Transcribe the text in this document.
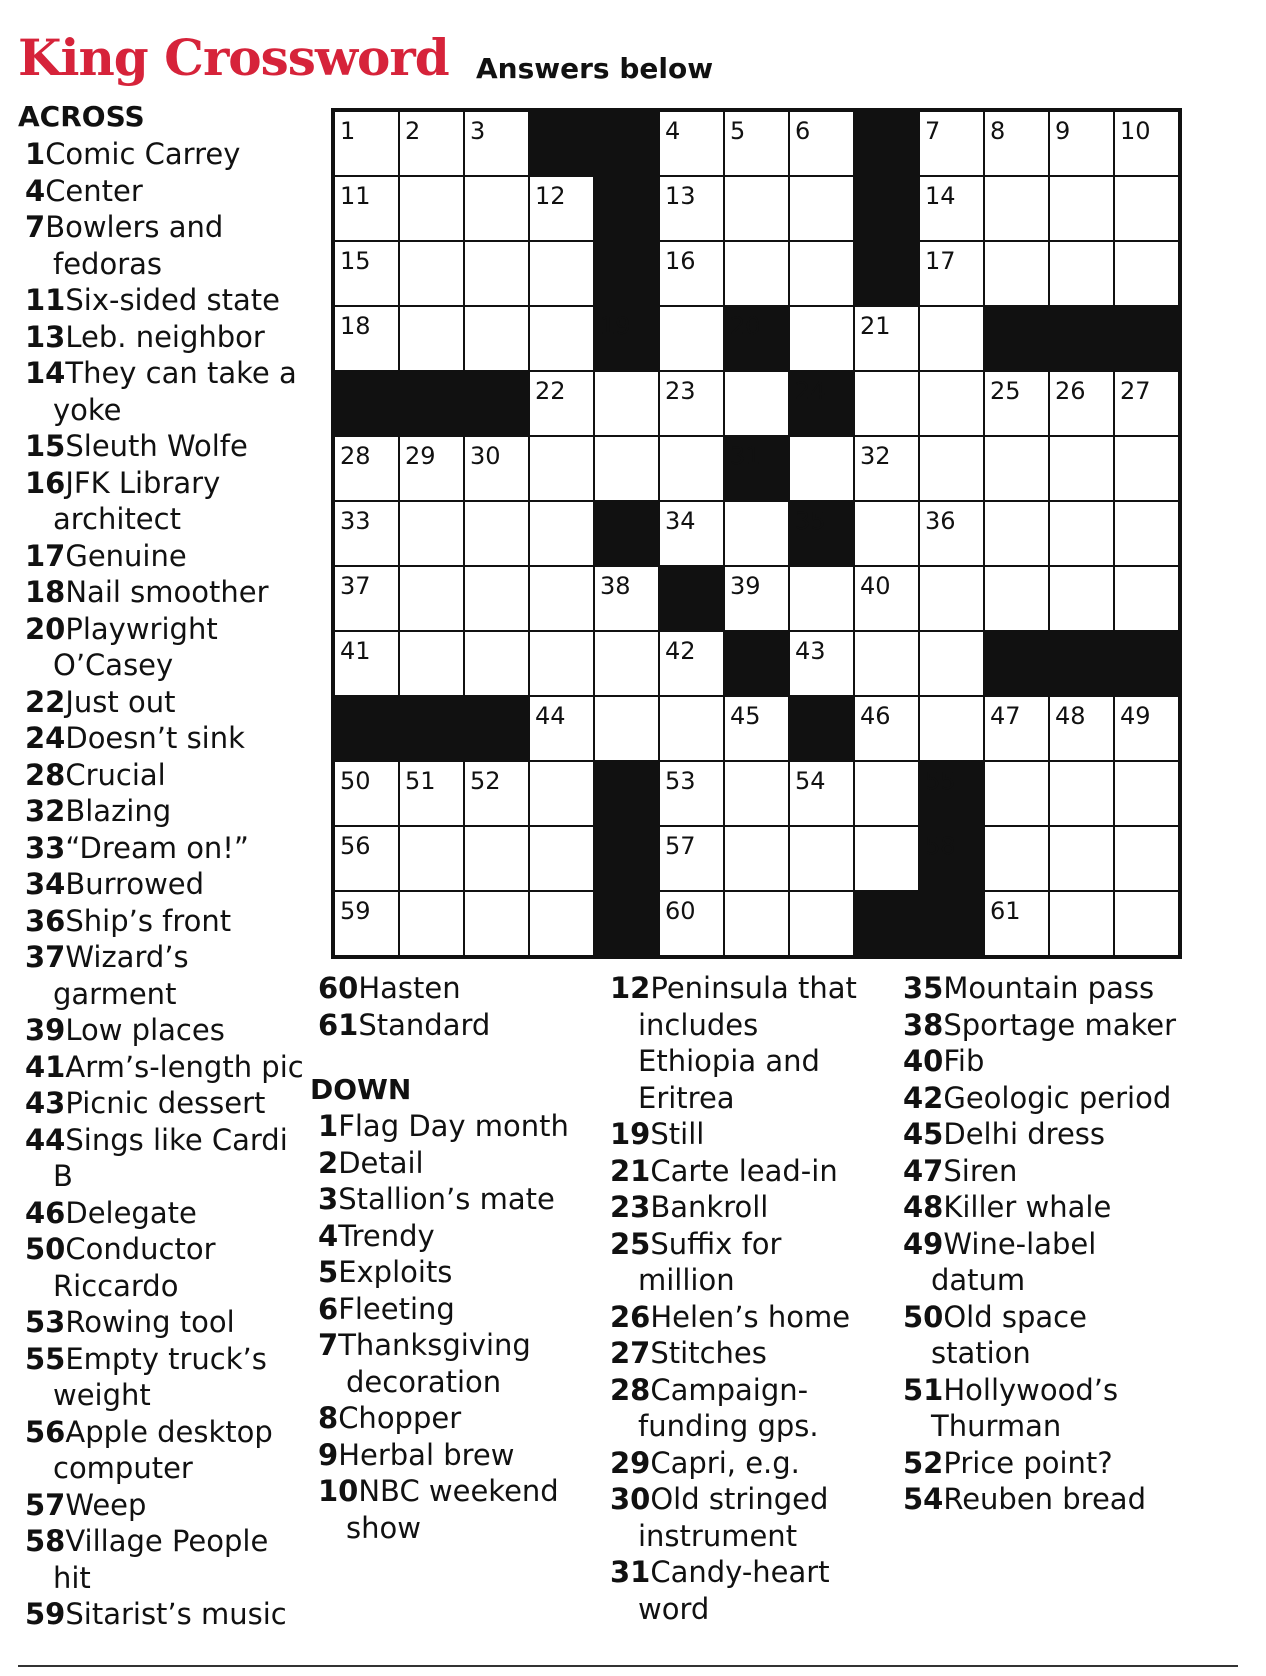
King Crossword Answers below
1 2 3	4 5 6	7 8 9 10
11	12	13	14
15	16	17
18	19	20	21
22	23	24	25 26 27
28 29 30	31	32
33	34	35	36
37	38	39	40
41	42	43
44	45	46	47 48 49
50 51 52	53	54	55
56	57	58
59	60	61
ACROSS
1Comic Carrey
4Center
7Bowlers and fedoras
11Six-sided state
13Leb. neighbor
14They can take a yoke
15Sleuth Wolfe
16JFK Library architect
17Genuine
18Nail smoother
20Playwright O’Casey
22Just out
24Doesn’t sink
28Crucial
32Blazing
33“Dream on!”
34Burrowed
36Ship’s front
37Wizard’s garment
39Low places
41Arm’s-length pic
43Picnic dessert
44Sings like Cardi B
46Delegate
50Conductor Riccardo
53Rowing tool
55Empty truck’s weight
56Apple desktop computer
57Weep
58Village People hit
59Sitarist’s music
60Hasten
61Standard
DOWN
1Flag Day month
2Detail
3Stallion’s mate
4Trendy
5Exploits
6Fleeting
7Thanksgiving decoration
8Chopper
9Herbal brew
10NBC weekend show
12Peninsula that includes Ethiopia and Eritrea
19Still
21Carte lead-in
23Bankroll
25Suffix for million
26Helen’s home
27Stitches
28Campaign-funding gps.
29Capri, e.g.
30Old stringed instrument
31Candy-heart word
35Mountain pass
38Sportage maker
40Fib
42Geologic period
45Delhi dress
47Siren
48Killer whale
49Wine-label datum
50Old space station
51Hollywood’s Thurman
52Price point?
54Reuben bread
